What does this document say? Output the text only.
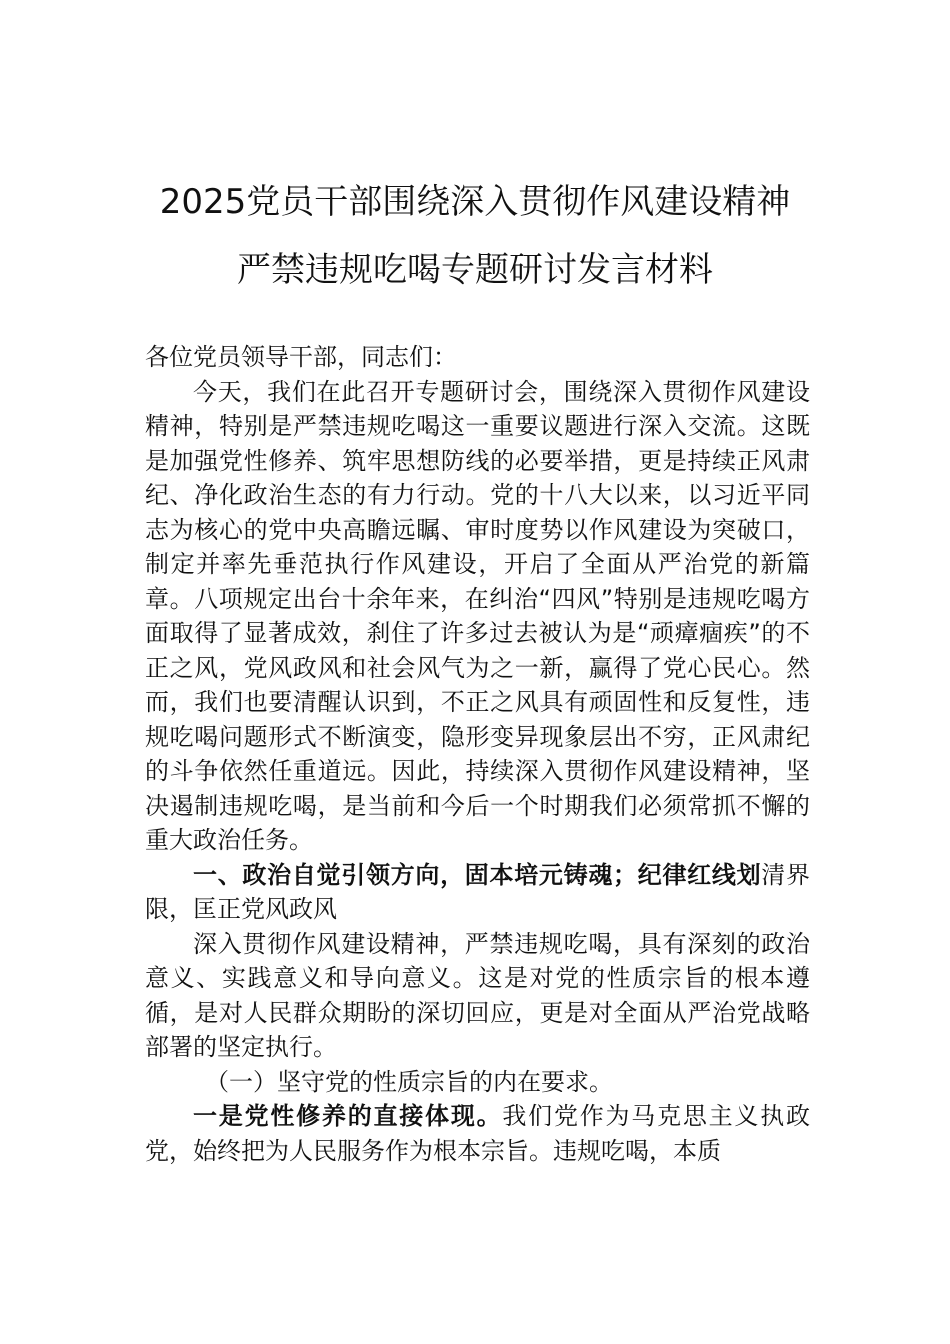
2025党员干部围绕深入贯彻作风建设精神
严禁违规吃喝专题研讨发言材料

各位党员领导干部，同志们：

今天，我们在此召开专题研讨会，围绕深入贯彻作风建设精神，特别是严禁违规吃喝这一重要议题进行深入交流。这既是加强党性修养、筑牢思想防线的必要举措，更是持续正风肃纪、净化政治生态的有力行动。党的十八大以来，以习近平同志为核心的党中央高瞻远瞩、审时度势以作风建设为突破口，制定并率先垂范执行作风建设，开启了全面从严治党的新篇章。八项规定出台十余年来，在纠治“四风”特别是违规吃喝方面取得了显著成效，刹住了许多过去被认为是“顽瘴痼疾”的不正之风，党风政风和社会风气为之一新，赢得了党心民心。然而，我们也要清醒认识到，不正之风具有顽固性和反复性，违规吃喝问题形式不断演变，隐形变异现象层出不穷，正风肃纪的斗争依然任重道远。因此，持续深入贯彻作风建设精神，坚决遏制违规吃喝，是当前和今后一个时期我们必须常抓不懈的重大政治任务。

一、政治自觉引领方向，固本培元铸魂；纪律红线划清界限，匡正党风政风

深入贯彻作风建设精神，严禁违规吃喝，具有深刻的政治意义、实践意义和导向意义。这是对党的性质宗旨的根本遵循，是对人民群众期盼的深切回应，更是对全面从严治党战略部署的坚定执行。

（一）坚守党的性质宗旨的内在要求。

一是党性修养的直接体现。我们党作为马克思主义执政党，始终把为人民服务作为根本宗旨。违规吃喝，本质
